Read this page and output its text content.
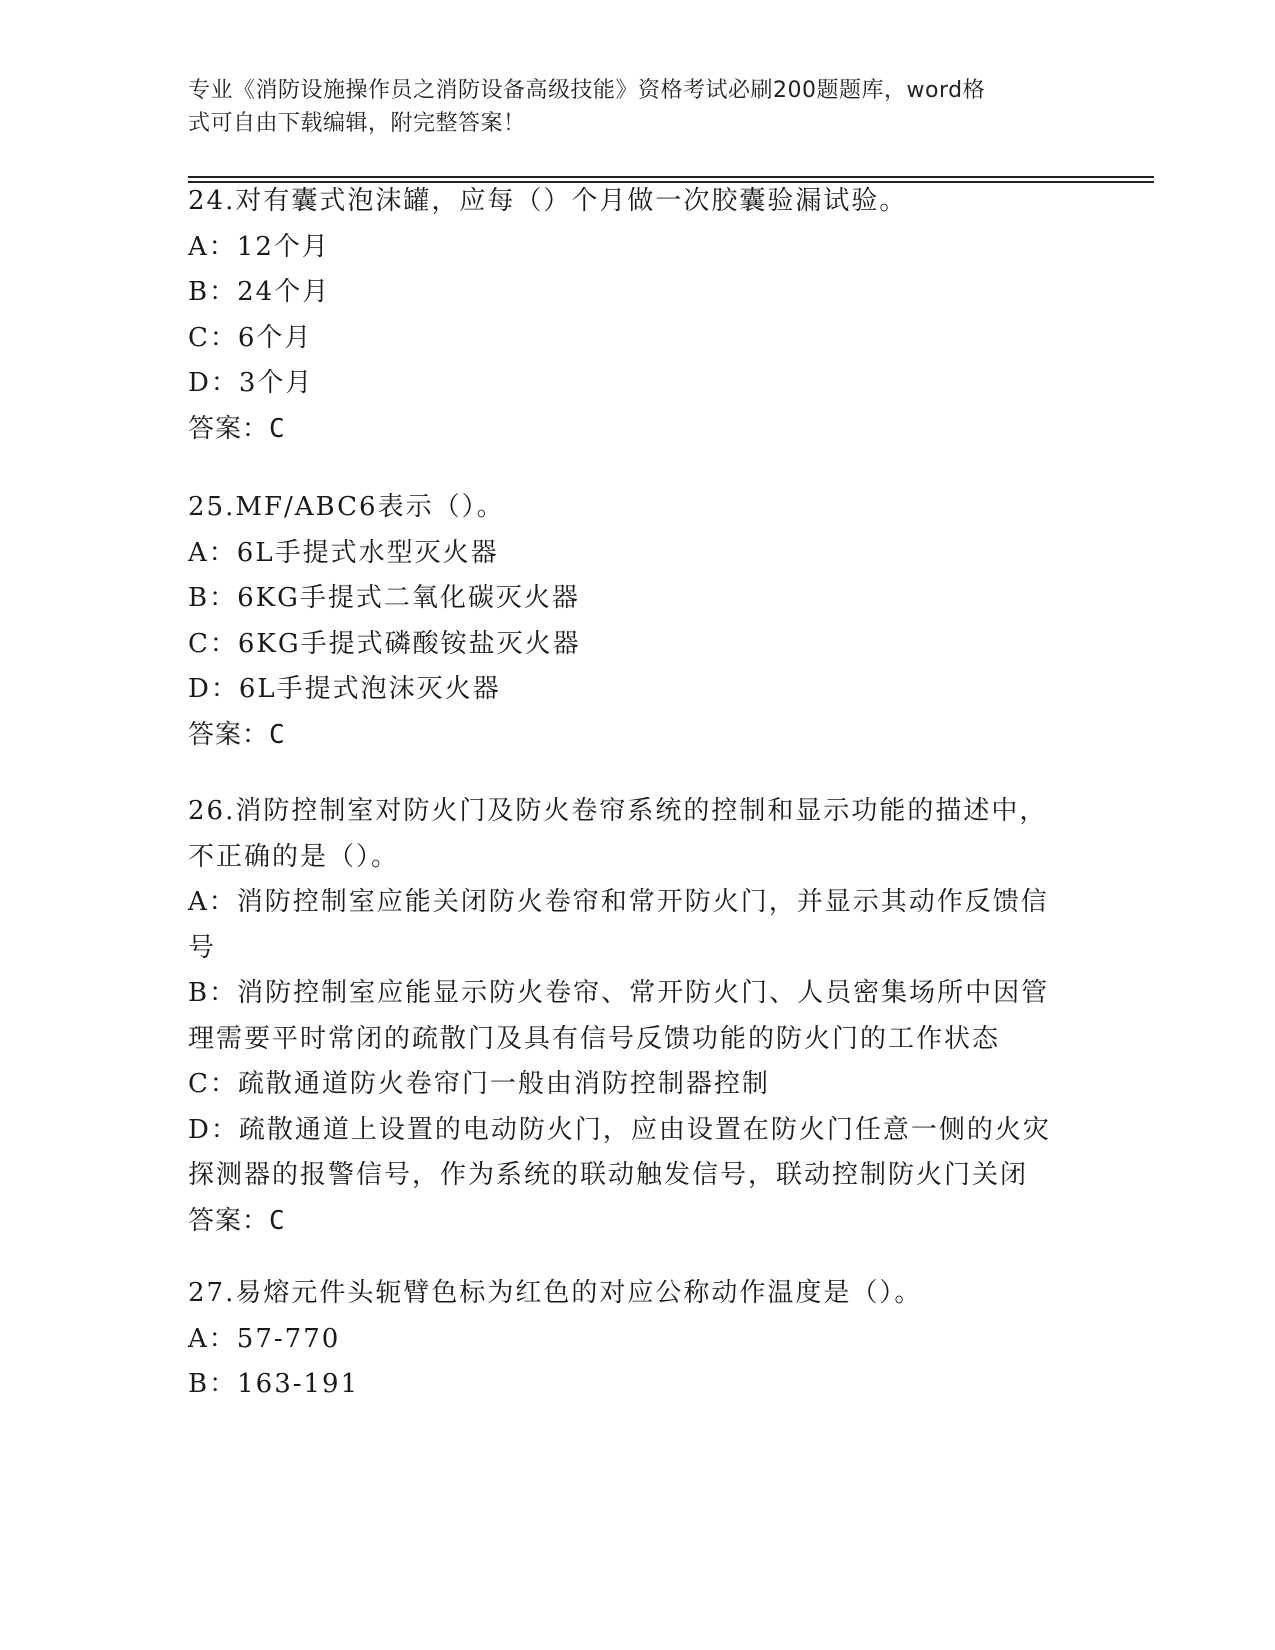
专业《消防设施操作员之消防设备高级技能》资格考试必刷200题题库，word格
式可自由下载编辑，附完整答案！
24.对有囊式泡沫罐，应每（）个月做一次胶囊验漏试验。
A：12个月
B：24个月
C：6个月
D：3个月
答案：C
25.MF/ABC6表示（）。
A：6L手提式水型灭火器
B：6KG手提式二氧化碳灭火器
C：6KG手提式磷酸铵盐灭火器
D：6L手提式泡沫灭火器
答案：C
26.消防控制室对防火门及防火卷帘系统的控制和显示功能的描述中，
不正确的是（）。
A：消防控制室应能关闭防火卷帘和常开防火门，并显示其动作反馈信
号
B：消防控制室应能显示防火卷帘、常开防火门、人员密集场所中因管
理需要平时常闭的疏散门及具有信号反馈功能的防火门的工作状态
C：疏散通道防火卷帘门一般由消防控制器控制
D：疏散通道上设置的电动防火门，应由设置在防火门任意一侧的火灾
探测器的报警信号，作为系统的联动触发信号，联动控制防火门关闭
答案：C
27.易熔元件头轭臂色标为红色的对应公称动作温度是（）。
A：57-770
B：163-191
